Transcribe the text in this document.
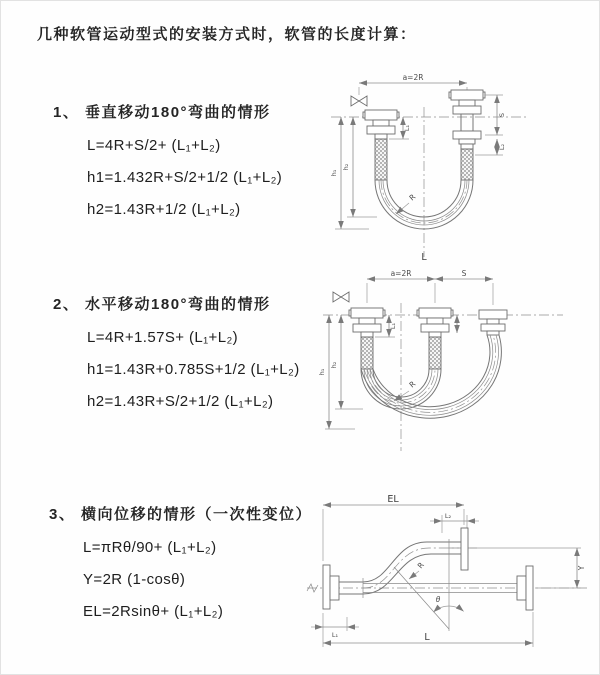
几种软管运动型式的安装方式时，软管的长度计算：
1、 垂直移动180°弯曲的情形
L=4R+S/2+ (L₁+L₂)
h1=1.432R+S/2+1/2 (L₁+L₂)
h2=1.43R+1/2 (L₁+L₂)
a=2R
h₁
h₂
L₁
S
L₂
R
L
2、 水平移动180°弯曲的情形
L=4R+1.57S+ (L₁+L₂)
h1=1.43R+0.785S+1/2 (L₁+L₂)
h2=1.43R+S/2+1/2 (L₁+L₂)
a=2R	S
h₁
h₂
L₁
R
3、 横向位移的情形（一次性变位）
L=πRθ/90+ (L₁+L₂)
Y=2R (1-cosθ)
EL=2Rsinθ+ (L₁+L₂)
EL
L₂
Y
θ
R
L
L₁
